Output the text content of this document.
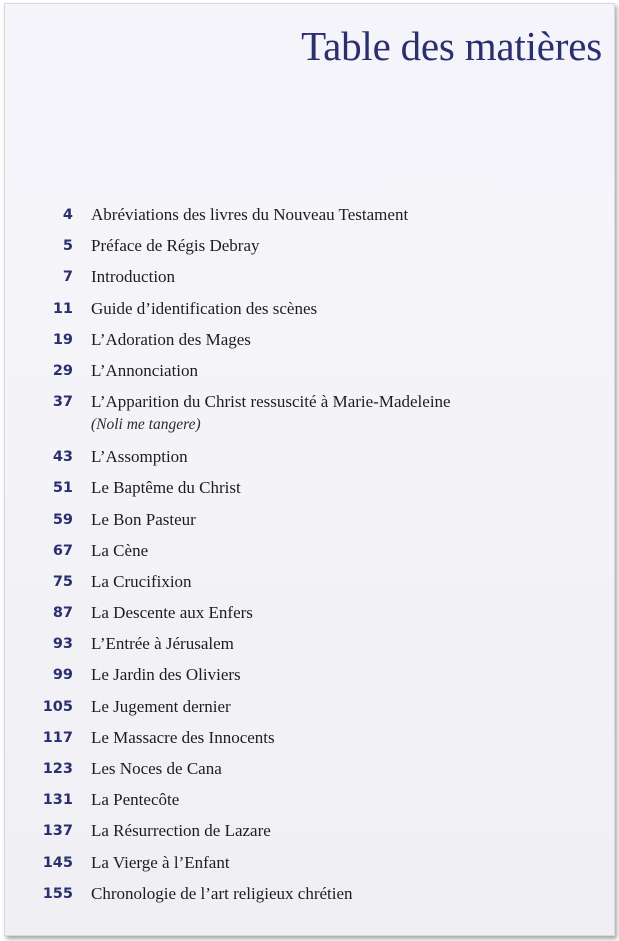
Table des matières
4 Abréviations des livres du Nouveau Testament
5 Préface de Régis Debray
7 Introduction
11 Guide d’identification des scènes
19 L’Adoration des Mages
29 L’Annonciation
37 L’Apparition du Christ ressuscité à Marie-Madeleine
(Noli me tangere)
43 L’Assomption
51 Le Baptême du Christ
59 Le Bon Pasteur
67 La Cène
75 La Crucifixion
87 La Descente aux Enfers
93 L’Entrée à Jérusalem
99 Le Jardin des Oliviers
105 Le Jugement dernier
117 Le Massacre des Innocents
123 Les Noces de Cana
131 La Pentecôte
137 La Résurrection de Lazare
145 La Vierge à l’Enfant
155 Chronologie de l’art religieux chrétien
